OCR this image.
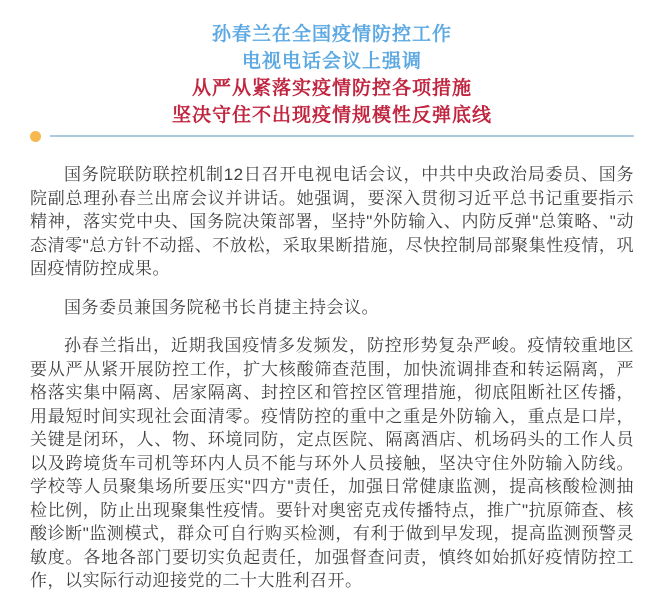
孙春兰在全国疫情防控工作
电视电话会议上强调
从严从紧落实疫情防控各项措施
坚决守住不出现疫情规模性反弹底线

国务院联防联控机制12日召开电视电话会议，中共中央政治局委员、国务院副总理孙春兰出席会议并讲话。她强调，要深入贯彻习近平总书记重要指示精神，落实党中央、国务院决策部署，坚持"外防输入、内防反弹"总策略、"动态清零"总方针不动摇、不放松，采取果断措施，尽快控制局部聚集性疫情，巩固疫情防控成果。

国务委员兼国务院秘书长肖捷主持会议。

孙春兰指出，近期我国疫情多发频发，防控形势复杂严峻。疫情较重地区要从严从紧开展防控工作，扩大核酸筛查范围，加快流调排查和转运隔离，严格落实集中隔离、居家隔离、封控区和管控区管理措施，彻底阻断社区传播，用最短时间实现社会面清零。疫情防控的重中之重是外防输入，重点是口岸，关键是闭环，人、物、环境同防，定点医院、隔离酒店、机场码头的工作人员以及跨境货车司机等环内人员不能与环外人员接触，坚决守住外防输入防线。学校等人员聚集场所要压实"四方"责任，加强日常健康监测，提高核酸检测抽检比例，防止出现聚集性疫情。要针对奥密克戎传播特点，推广"抗原筛查、核酸诊断"监测模式，群众可自行购买检测，有利于做到早发现，提高监测预警灵敏度。各地各部门要切实负起责任，加强督查问责，慎终如始抓好疫情防控工作，以实际行动迎接党的二十大胜利召开。
